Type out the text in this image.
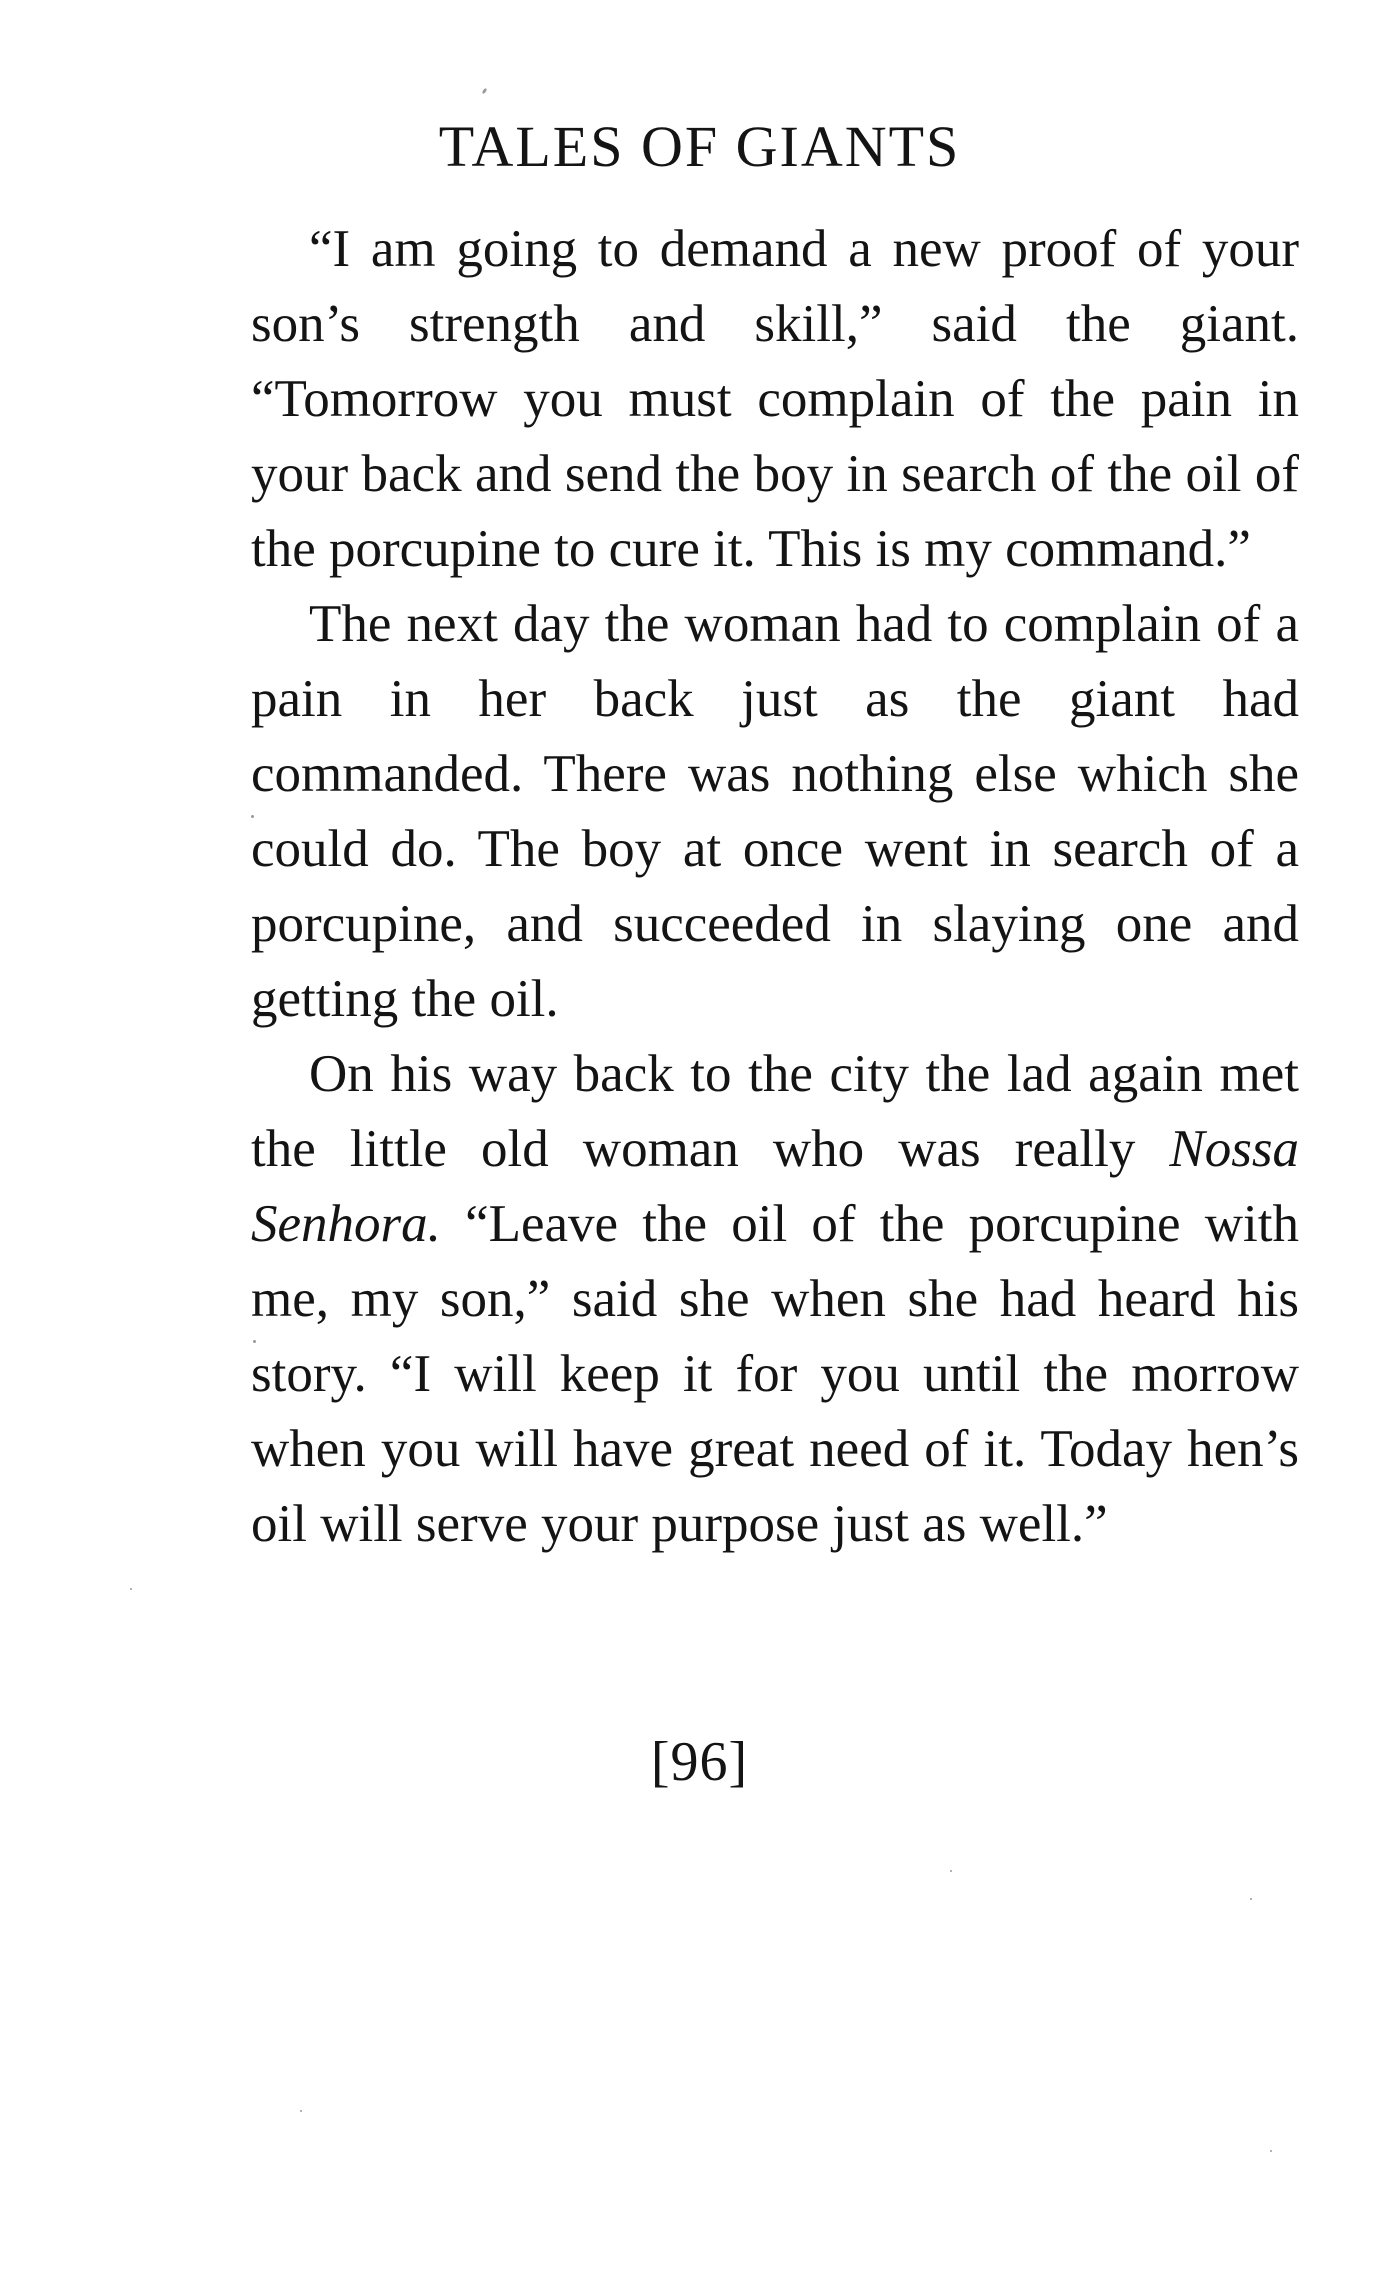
TALES OF GIANTS

“I am going to demand a new proof of your son’s strength and skill,” said the giant. “Tomorrow you must complain of the pain in your back and send the boy in search of the oil of the porcupine to cure it. This is my command.”

The next day the woman had to complain of a pain in her back just as the giant had commanded. There was nothing else which she could do. The boy at once went in search of a porcupine, and succeeded in slaying one and getting the oil.

On his way back to the city the lad again met the little old woman who was really Nossa Senhora. “Leave the oil of the porcupine with me, my son,” said she when she had heard his story. “I will keep it for you until the morrow when you will have great need of it. Today hen’s oil will serve your purpose just as well.”

[96]
